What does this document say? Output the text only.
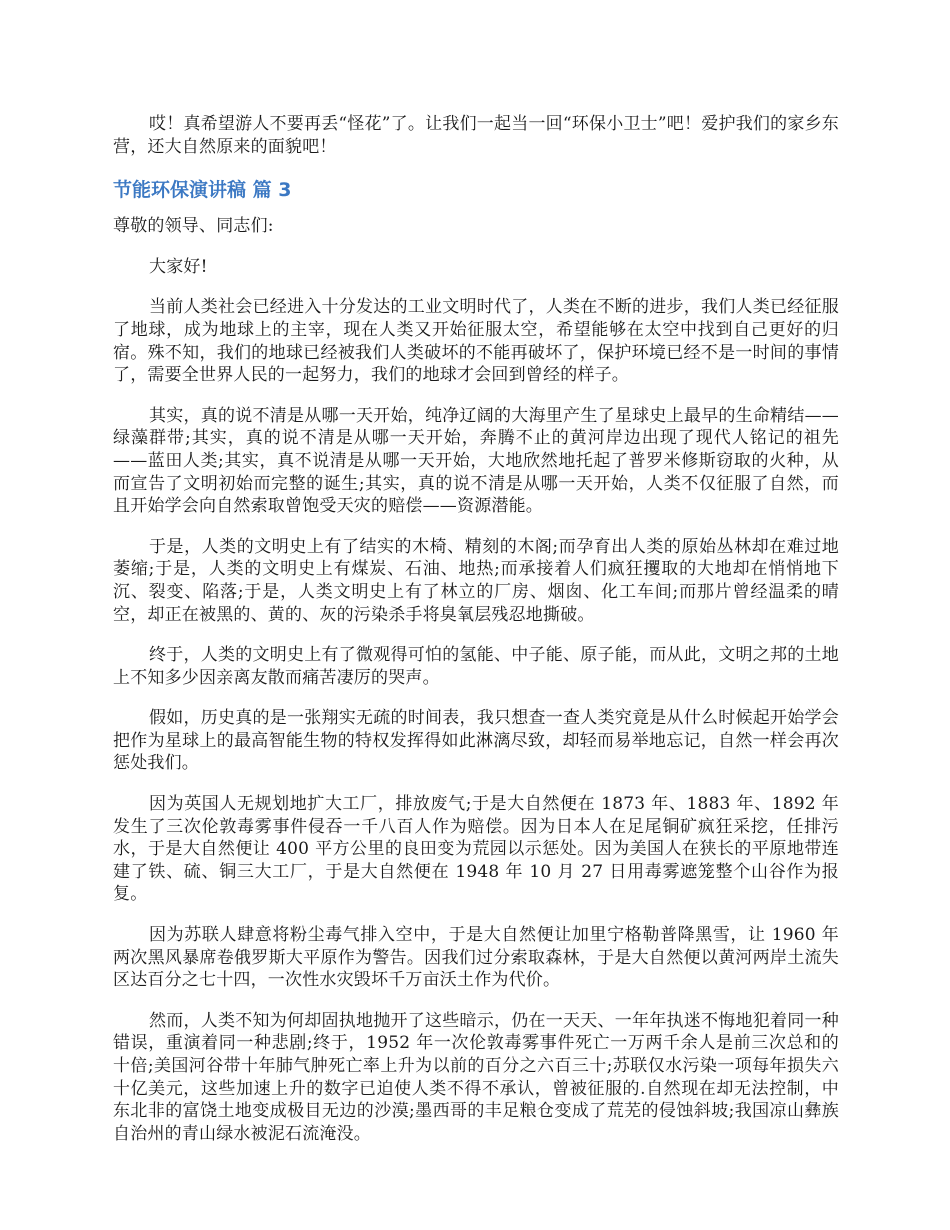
哎！真希望游人不要再丢“怪花”了。让我们一起当一回“环保小卫士”吧！爱护我们的家乡东营，还大自然原来的面貌吧！

节能环保演讲稿 篇 3

尊敬的领导、同志们:

大家好!

当前人类社会已经进入十分发达的工业文明时代了，人类在不断的进步，我们人类已经征服了地球，成为地球上的主宰，现在人类又开始征服太空，希望能够在太空中找到自己更好的归宿。殊不知，我们的地球已经被我们人类破坏的不能再破坏了，保护环境已经不是一时间的事情了，需要全世界人民的一起努力，我们的地球才会回到曾经的样子。

其实，真的说不清是从哪一天开始，纯净辽阔的大海里产生了星球史上最早的生命精结——绿藻群带;其实，真的说不清是从哪一天开始，奔腾不止的黄河岸边出现了现代人铭记的祖先——蓝田人类;其实，真不说清是从哪一天开始，大地欣然地托起了普罗米修斯窃取的火种，从而宣告了文明初始而完整的诞生;其实，真的说不清是从哪一天开始，人类不仅征服了自然，而且开始学会向自然索取曾饱受天灾的赔偿——资源潜能。

于是，人类的文明史上有了结实的木椅、精刻的木阁;而孕育出人类的原始丛林却在难过地萎缩;于是，人类的文明史上有煤炭、石油、地热;而承接着人们疯狂攫取的大地却在悄悄地下沉、裂变、陷落;于是，人类文明史上有了林立的厂房、烟囱、化工车间;而那片曾经温柔的晴空，却正在被黑的、黄的、灰的污染杀手将臭氧层残忍地撕破。

终于，人类的文明史上有了微观得可怕的氢能、中子能、原子能，而从此，文明之邦的土地上不知多少因亲离友散而痛苦凄厉的哭声。

假如，历史真的是一张翔实无疏的时间表，我只想查一查人类究竟是从什么时候起开始学会把作为星球上的最高智能生物的特权发挥得如此淋漓尽致，却轻而易举地忘记，自然一样会再次惩处我们。

因为英国人无规划地扩大工厂，排放废气;于是大自然便在 1873 年、1883 年、1892 年发生了三次伦敦毒雾事件侵吞一千八百人作为赔偿。因为日本人在足尾铜矿疯狂采挖，任排污水，于是大自然便让 400 平方公里的良田变为荒园以示惩处。因为美国人在狭长的平原地带连建了铁、硫、铜三大工厂，于是大自然便在 1948 年 10 月 27 日用毒雾遮笼整个山谷作为报复。

因为苏联人肆意将粉尘毒气排入空中，于是大自然便让加里宁格勒普降黑雪，让 1960 年两次黑风暴席卷俄罗斯大平原作为警告。因我们过分索取森林，于是大自然便以黄河两岸土流失区达百分之七十四，一次性水灾毁坏千万亩沃土作为代价。

然而，人类不知为何却固执地抛开了这些暗示，仍在一天天、一年年执迷不悔地犯着同一种错误，重演着同一种悲剧;终于，1952 年一次伦敦毒雾事件死亡一万两千余人是前三次总和的十倍;美国河谷带十年肺气肿死亡率上升为以前的百分之六百三十;苏联仅水污染一项每年损失六十亿美元，这些加速上升的数字已迫使人类不得不承认，曾被征服的.自然现在却无法控制，中东北非的富饶土地变成极目无边的沙漠;墨西哥的丰足粮仓变成了荒芜的侵蚀斜坡;我国凉山彝族自治州的青山绿水被泥石流淹没。
